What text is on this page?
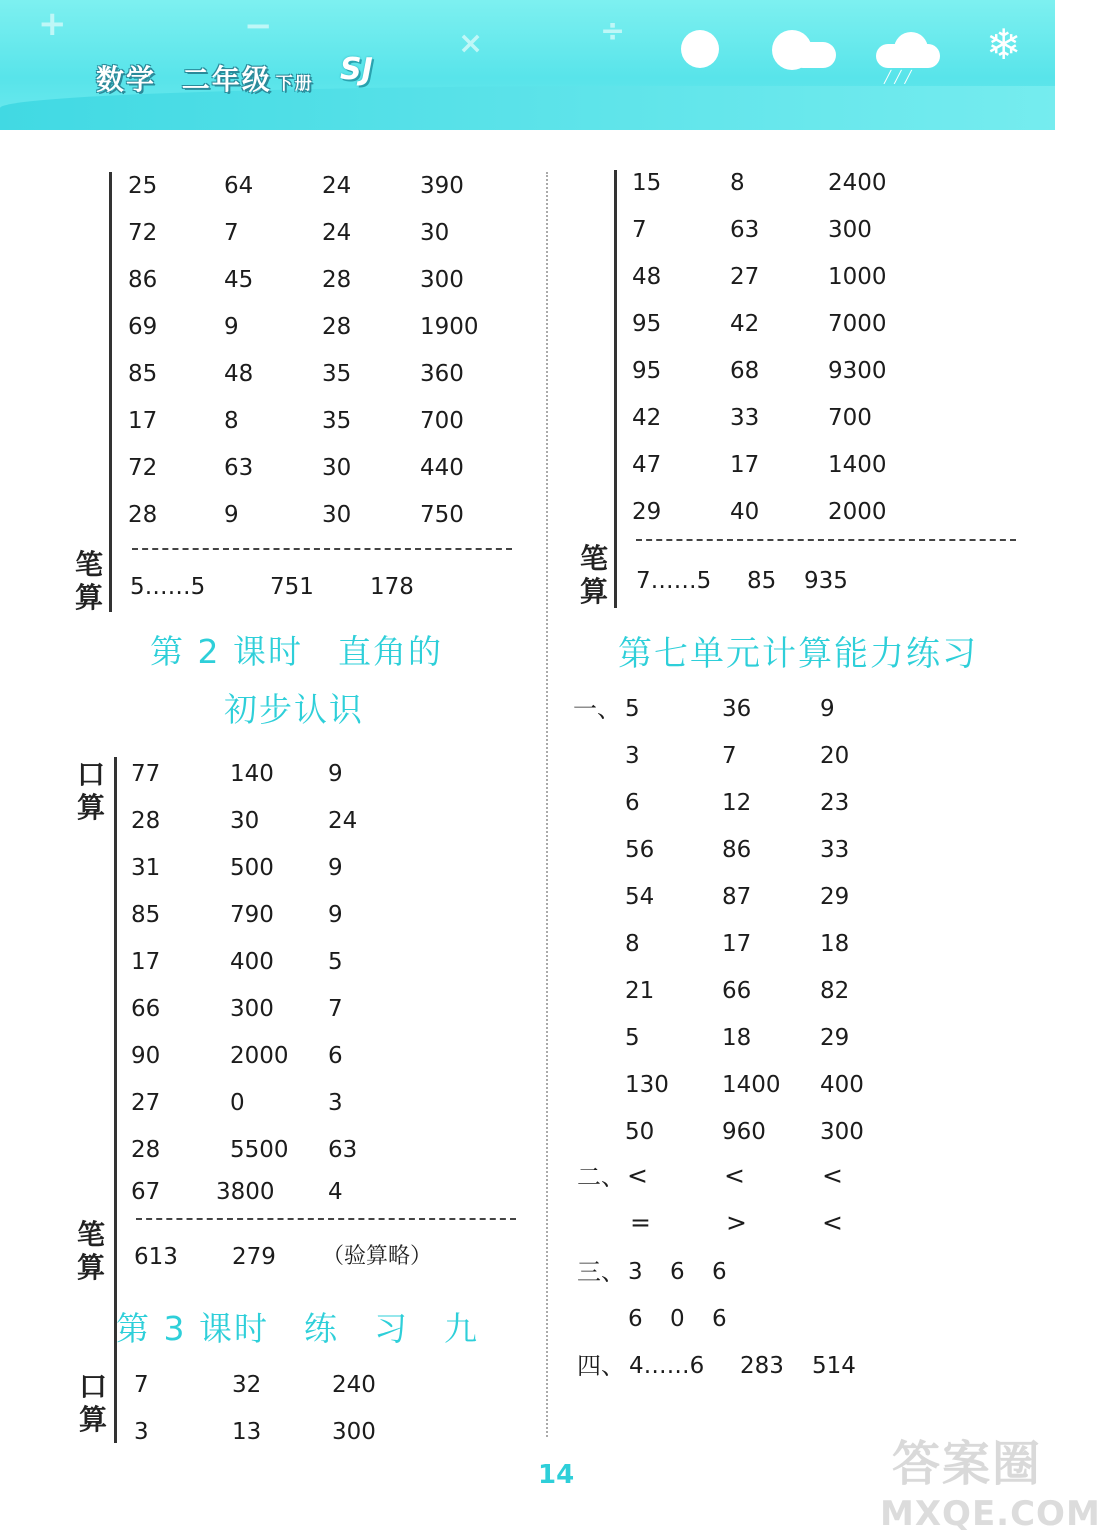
+	−	×	÷
数学 二年级 下册 SJ	╱╱╱
❄
25	64	24	390
72	7	24	30
86	45	28	300
69	9	28	1900
85	48	35	360
17	8	35	700
72	63	30	440
28	9	30	750
笔算 5……5	751 178
第 2 课时　直角的
初步认识
口算
77	140 9
28	30	24
31	500 9
85	790 9
17	400 5
66	300 7
90	2000 6
27	0	3
28	5500 63
67 3800 4
笔算 613 279 （验算略）
第 3 课时　练　习　九
口算
7	32	240
3	13	300
15	8	2400
7	63	300
48	27	1000
95	42	7000
95	68	9300
42	33	700
47	17	1400
29	40	2000
笔算 7……5 85 935
第七单元计算能力练习
一、 5	36	9
3	7	20
6	12	23
56	86	33
54	87	29
8	17	18
21	66	82
5	18	29
130 1400 400
50	960 300
二、 <	<	<
=	>	<
三、 3 6 6
6 0 6
四、 4……6 283 514
14	答案圈
MXQE.COM
